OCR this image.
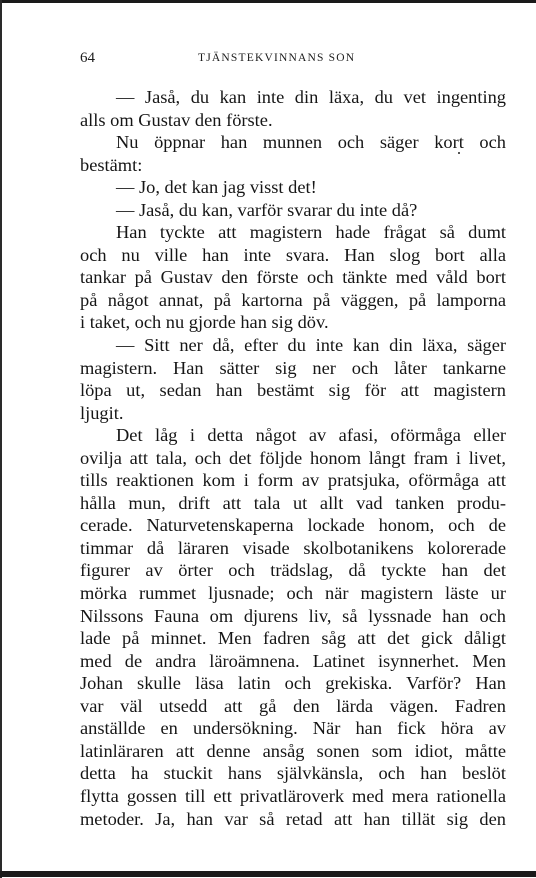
64	TJÄNSTEKVINNANS SON
— Jaså, du kan inte din läxa, du vet ingenting
alls om Gustav den förste.
Nu öppnar han munnen och säger kort och
bestämt:
— Jo, det kan jag visst det!
— Jaså, du kan, varför svarar du inte då?
Han tyckte att magistern hade frågat så dumt
och nu ville han inte svara. Han slog bort alla
tankar på Gustav den förste och tänkte med våld bort
på något annat, på kartorna på väggen, på lamporna
i taket, och nu gjorde han sig döv.
— Sitt ner då, efter du inte kan din läxa, säger
magistern. Han sätter sig ner och låter tankarne
löpa ut, sedan han bestämt sig för att magistern
ljugit.
Det låg i detta något av afasi, oförmåga eller
ovilja att tala, och det följde honom långt fram i livet,
tills reaktionen kom i form av pratsjuka, oförmåga att
hålla mun, drift att tala ut allt vad tanken produ-
cerade. Naturvetenskaperna lockade honom, och de
timmar då läraren visade skolbotanikens kolorerade
figurer av örter och trädslag, då tyckte han det
mörka rummet ljusnade; och när magistern läste ur
Nilssons Fauna om djurens liv, så lyssnade han och
lade på minnet. Men fadren såg att det gick dåligt
med de andra läroämnena. Latinet isynnerhet. Men
Johan skulle läsa latin och grekiska. Varför? Han
var väl utsedd att gå den lärda vägen. Fadren
anställde en undersökning. När han fick höra av
latinläraren att denne ansåg sonen som idiot, måtte
detta ha stuckit hans självkänsla, och han beslöt
flytta gossen till ett privatläroverk med mera rationella
metoder. Ja, han var så retad att han tillät sig den
